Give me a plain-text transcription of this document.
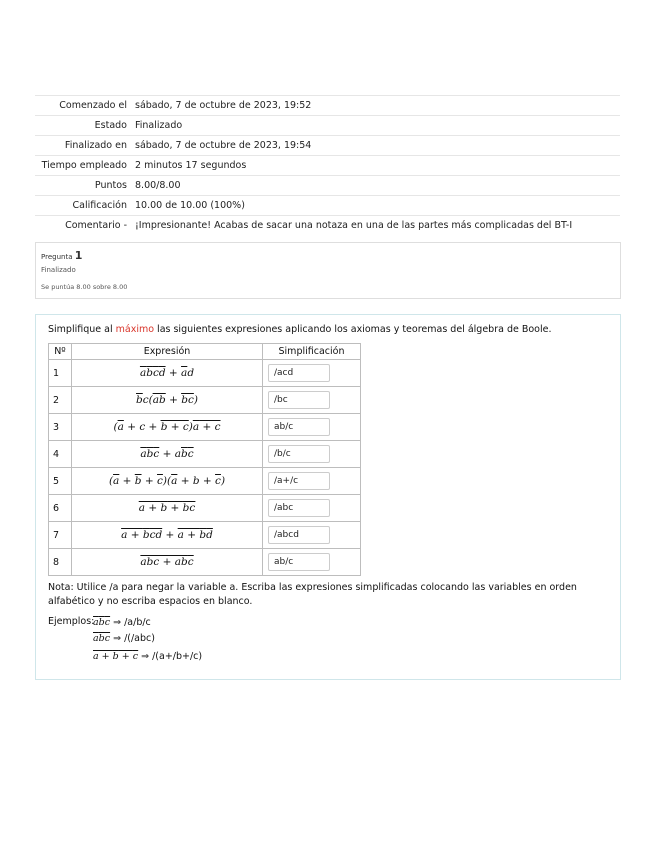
Comenzado el	sábado, 7 de octubre de 2023, 19:52
Estado	Finalizado
Finalizado en	sábado, 7 de octubre de 2023, 19:54
Tiempo empleado	2 minutos 17 segundos
Puntos	8.00/8.00
Calificación	10.00 de 10.00 (100%)
Comentario -	¡Impresionante! Acabas de sacar una notaza en una de las partes más complicadas del BT-I
Pregunta 1
Finalizado
Se puntúa 8.00 sobre 8.00
Simplifique al máximo las siguientes expresiones aplicando los axiomas y teoremas del álgebra de Boole.
Nº	Expresión	Simplificación
1	$\overline{a}\overline{b}\overline{c}\overline{d} + \overline{a}d$	/acd
2	$\overline{b}c(ab + bc)$	/bc
3	$(\overline{a} + c + b + c)a + c$	ab/c
4	$\overline{a}\overline{b}\overline{c} + a\overline{b}\overline{c}$	/b/c
5	$(\overline{a} + \overline{b} + \overline{c})(\overline{a} + b + \overline{c})$	/a+/c
6	a + b + bc	/abc
7	a + bcd + a + bd	/abcd
8	abc + abc	ab/c
Nota: Utilice /a para negar la variable a. Escriba las expresiones simplificadas colocando las variables en orden alfabético y no escriba espacios en blanco.
Ejemplos:
$\overline{a}\overline{b}\overline{c}$ ⇒ /a/b/c
abc ⇒ /(/abc)
a + b + c ⇒ /(a+/b+/c)
